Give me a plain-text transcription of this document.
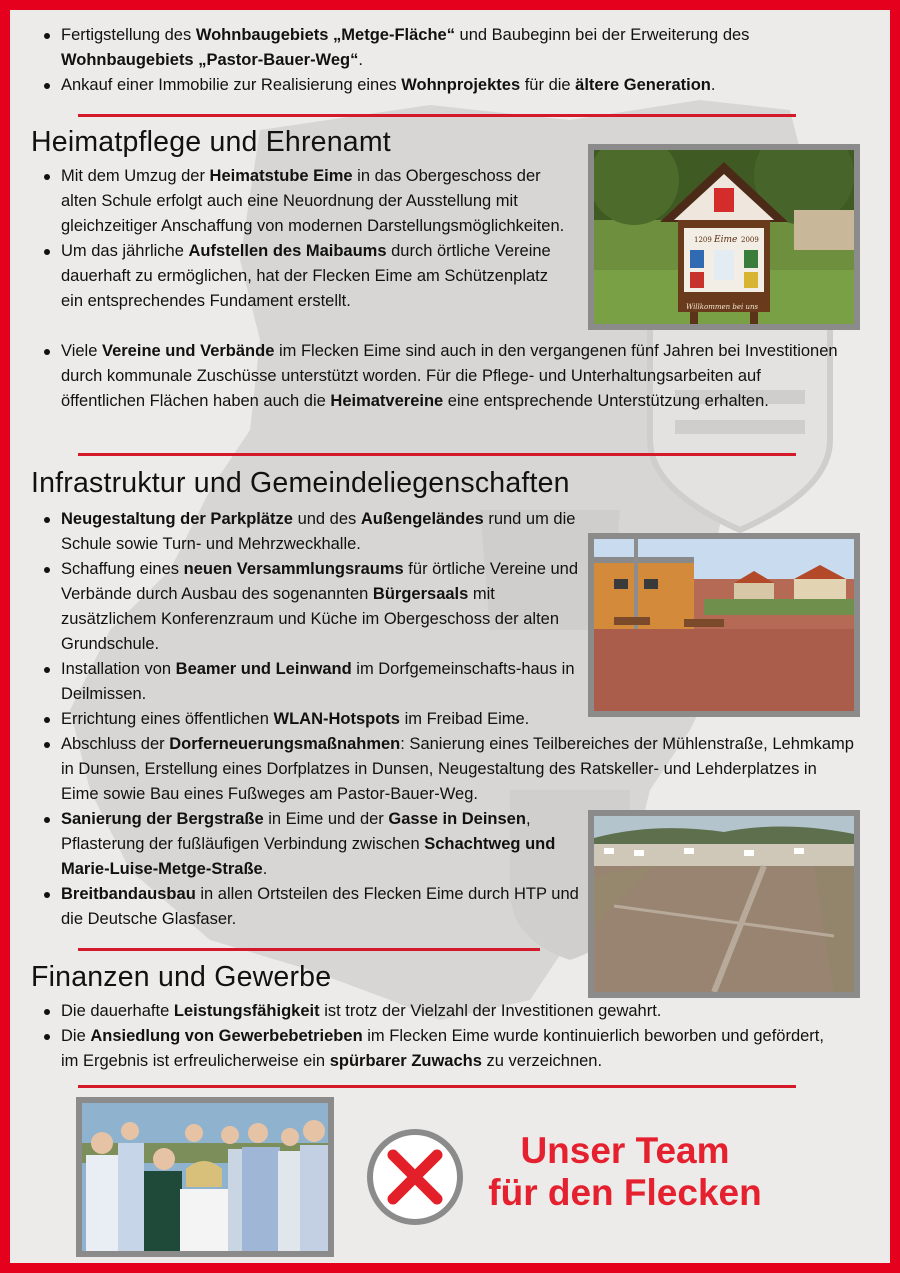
Fertigstellung des Wohnbaugebiets „Metge-Fläche“ und Baubeginn bei der Erweiterung des Wohnbaugebiets „Pastor-Bauer-Weg“.
Ankauf einer Immobilie zur Realisierung eines Wohnprojektes für die ältere Generation.
Heimatpflege und Ehrenamt
Mit dem Umzug der Heimatstube Eime in das Obergeschoss der alten Schule erfolgt auch eine Neuordnung der Ausstellung mit gleichzeitiger Anschaffung von modernen Darstellungsmöglichkeiten.
Um das jährliche Aufstellen des Maibaums durch örtliche Vereine dauerhaft zu ermöglichen, hat der Flecken Eime am Schützenplatz ein entsprechendes Fundament erstellt.
Viele Vereine und Verbände im Flecken Eime sind auch in den vergangenen fünf Jahren bei Investitionen durch kommunale Zuschüsse unterstützt worden. Für die Pflege- und Unterhaltungsarbeiten auf öffentlichen Flächen haben auch die Heimatvereine eine entsprechende Unterstützung erhalten.
1209 Eime 2009
Willkommen bei uns
Infrastruktur und Gemeindeliegenschaften
Neugestaltung der Parkplätze und des Außengeländes rund um die Schule sowie Turn- und Mehrzweckhalle.
Schaffung eines neuen Versammlungsraums für örtliche Vereine und Verbände durch Ausbau des sogenannten Bürgersaals mit zusätzlichem Konferenzraum und Küche im Obergeschoss der alten Grundschule.
Installation von Beamer und Leinwand im Dorfgemeinschafts-haus in Deilmissen.
Errichtung eines öffentlichen WLAN-Hotspots im Freibad Eime.
Abschluss der Dorferneuerungsmaßnahmen: Sanierung eines Teilbereiches der Mühlenstraße, Lehmkamp in Dunsen, Erstellung eines Dorfplatzes in Dunsen, Neugestaltung des Ratskeller- und Lehderplatzes in Eime sowie Bau eines Fußweges am Pastor-Bauer-Weg.
Sanierung der Bergstraße in Eime und der Gasse in Deinsen, Pflasterung der fußläufigen Verbindung zwischen Schachtweg und Marie-Luise-Metge-Straße.
Breitbandausbau in allen Ortsteilen des Flecken Eime durch HTP und die Deutsche Glasfaser.
Finanzen und Gewerbe
Die dauerhafte Leistungsfähigkeit ist trotz der Vielzahl der Investitionen gewahrt.
Die Ansiedlung von Gewerbebetrieben im Flecken Eime wurde kontinuierlich beworben und gefördert, im Ergebnis ist erfreulicherweise ein spürbarer Zuwachs zu verzeichnen.
Unser Team
für den Flecken
